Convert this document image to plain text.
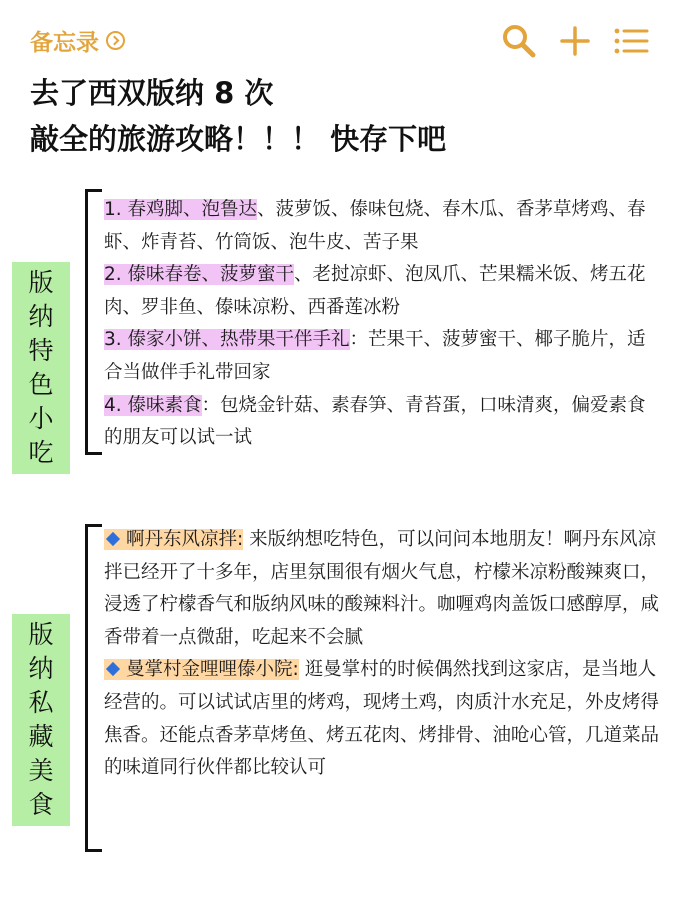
备忘录
去了西双版纳 8 次
敲全的旅游攻略！！！ 快存下吧
版纳
特色
小吃

1. 春鸡脚、泡鲁达、菠萝饭、傣味包烧、春木瓜、香茅草烤鸡、春虾、炸青苔、竹筒饭、泡牛皮、苦子果

2. 傣味春卷、菠萝蜜干、老挝凉虾、泡凤爪、芒果糯米饭、烤五花肉、罗非鱼、傣味凉粉、西番莲冰粉

3. 傣家小饼、热带果干伴手礼：芒果干、菠萝蜜干、椰子脆片，适合当做伴手礼带回家

4. 傣味素食：包烧金针菇、素春笋、青苔蛋，口味清爽，偏爱素食的朋友可以试一试

版纳
私藏
美食

啊丹东风凉拌: 来版纳想吃特色，可以问问本地朋友！啊丹东风凉拌已经开了十多年，店里氛围很有烟火气息，柠檬米凉粉酸辣爽口，浸透了柠檬香气和版纳风味的酸辣料汁。咖喱鸡肉盖饭口感醇厚，咸香带着一点微甜，吃起来不会腻

曼掌村金哩哩傣小院: 逛曼掌村的时候偶然找到这家店，是当地人经营的。可以试试店里的烤鸡，现烤土鸡，肉质汁水充足，外皮烤得焦香。还能点香茅草烤鱼、烤五花肉、烤排骨、油呛心管，几道菜品的味道同行伙伴都比较认可
